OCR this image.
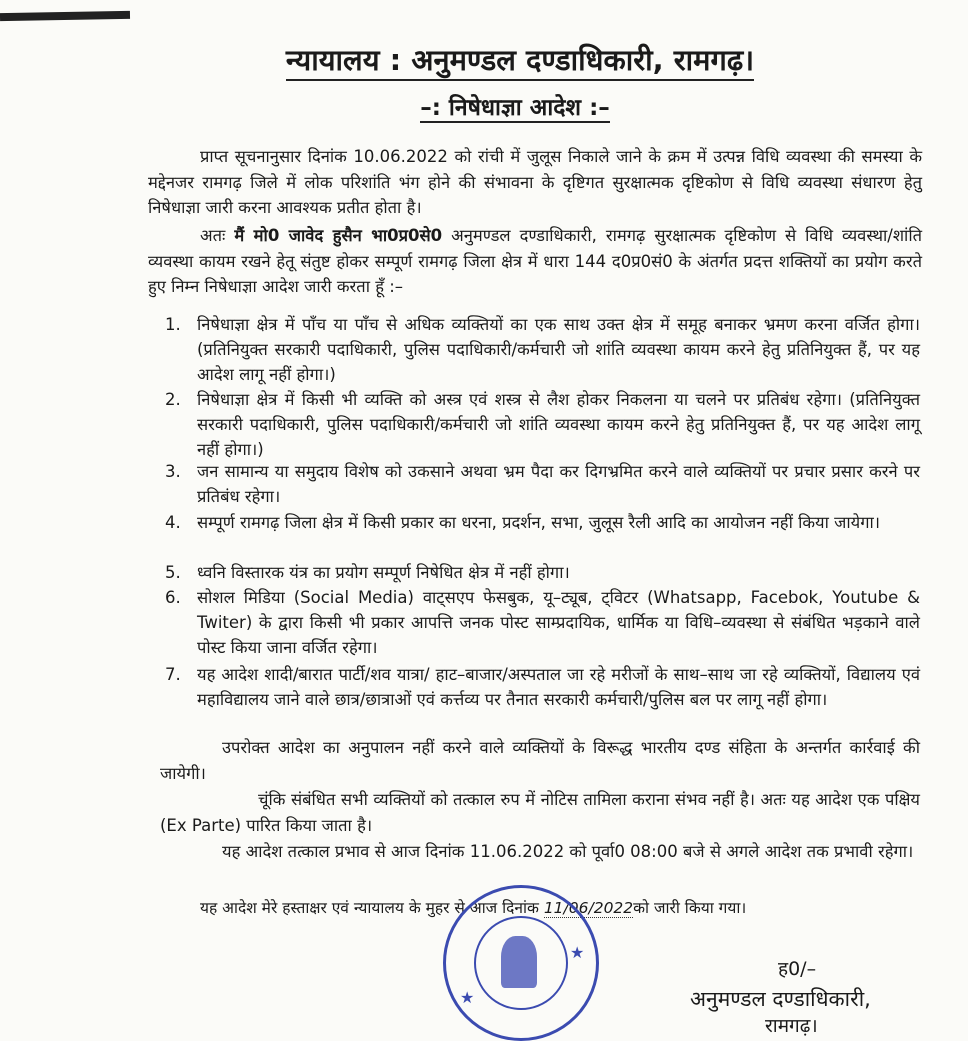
न्यायालय : अनुमण्डल दण्डाधिकारी, रामगढ़।
–: निषेधाज्ञा आदेश :–
प्राप्त सूचनानुसार दिनांक 10.06.2022 को रांची में जुलूस निकाले जाने के क्रम में उत्पन्न विधि व्यवस्था की समस्या के मद्देनजर रामगढ़ जिले में लोक परिशांति भंग होने की संभावना के दृष्टिगत सुरक्षात्मक दृष्टिकोण से विधि व्यवस्था संधारण हेतु निषेधाज्ञा जारी करना आवश्यक प्रतीत होता है।
अतः मैं मो0 जावेद हुसैन भा0प्र0से0 अनुमण्डल दण्डाधिकारी, रामगढ़ सुरक्षात्मक दृष्टिकोण से विधि व्यवस्था/शांति व्यवस्था कायम रखने हेतू संतुष्ट होकर सम्पूर्ण रामगढ़ जिला क्षेत्र में धारा 144 द0प्र0सं0 के अंतर्गत प्रदत्त शक्तियों का प्रयोग करते हुए निम्न निषेधाज्ञा आदेश जारी करता हूँ :–
1. निषेधाज्ञा क्षेत्र में पाँच या पाँच से अधिक व्यक्तियों का एक साथ उक्त क्षेत्र में समूह बनाकर भ्रमण करना वर्जित होगा। (प्रतिनियुक्त सरकारी पदाधिकारी, पुलिस पदाधिकारी/कर्मचारी जो शांति व्यवस्था कायम करने हेतु प्रतिनियुक्त हैं, पर यह आदेश लागू नहीं होगा।)
2. निषेधाज्ञा क्षेत्र में किसी भी व्यक्ति को अस्त्र एवं शस्त्र से लैश होकर निकलना या चलने पर प्रतिबंध रहेगा। (प्रतिनियुक्त सरकारी पदाधिकारी, पुलिस पदाधिकारी/कर्मचारी जो शांति व्यवस्था कायम करने हेतु प्रतिनियुक्त हैं, पर यह आदेश लागू नहीं होगा।)
3. जन सामान्य या समुदाय विशेष को उकसाने अथवा भ्रम पैदा कर दिगभ्रमित करने वाले व्यक्तियों पर प्रचार प्रसार करने पर प्रतिबंध रहेगा।
4. सम्पूर्ण रामगढ़ जिला क्षेत्र में किसी प्रकार का धरना, प्रदर्शन, सभा, जुलूस रैली आदि का आयोजन नहीं किया जायेगा।
5. ध्वनि विस्तारक यंत्र का प्रयोग सम्पूर्ण निषेधित क्षेत्र में नहीं होगा।
6. सोशल मिडिया (Social Media) वाट्सएप फेसबुक, यू–ट्यूब, ट्विटर (Whatsapp, Facebok, Youtube & Twiter) के द्वारा किसी भी प्रकार आपत्ति जनक पोस्ट साम्प्रदायिक, धार्मिक या विधि–व्यवस्था से संबंधित भड़काने वाले पोस्ट किया जाना वर्जित रहेगा।
7. यह आदेश शादी/बारात पार्टी/शव यात्रा/ हाट–बाजार/अस्पताल जा रहे मरीजों के साथ–साथ जा रहे व्यक्तियों, विद्यालय एवं महाविद्यालय जाने वाले छात्र/छात्राओं एवं कर्त्तव्य पर तैनात सरकारी कर्मचारी/पुलिस बल पर लागू नहीं होगा।
उपरोक्त आदेश का अनुपालन नहीं करने वाले व्यक्तियों के विरूद्ध भारतीय दण्ड संहिता के अन्तर्गत कार्रवाई की जायेगी।
चूंकि संबंधित सभी व्यक्तियों को तत्काल रुप में नोटिस तामिला कराना संभव नहीं है। अतः यह आदेश एक पक्षिय (Ex Parte) पारित किया जाता है।
यह आदेश तत्काल प्रभाव से आज दिनांक 11.06.2022 को पूर्वा0 08:00 बजे से अगले आदेश तक प्रभावी रहेगा।
यह आदेश मेरे हस्ताक्षर एवं न्यायालय के मुहर से आज दिनांक 11/06/2022को जारी किया गया।
★
★
ह0/–
अनुमण्डल दण्डाधिकारी,
रामगढ़।
